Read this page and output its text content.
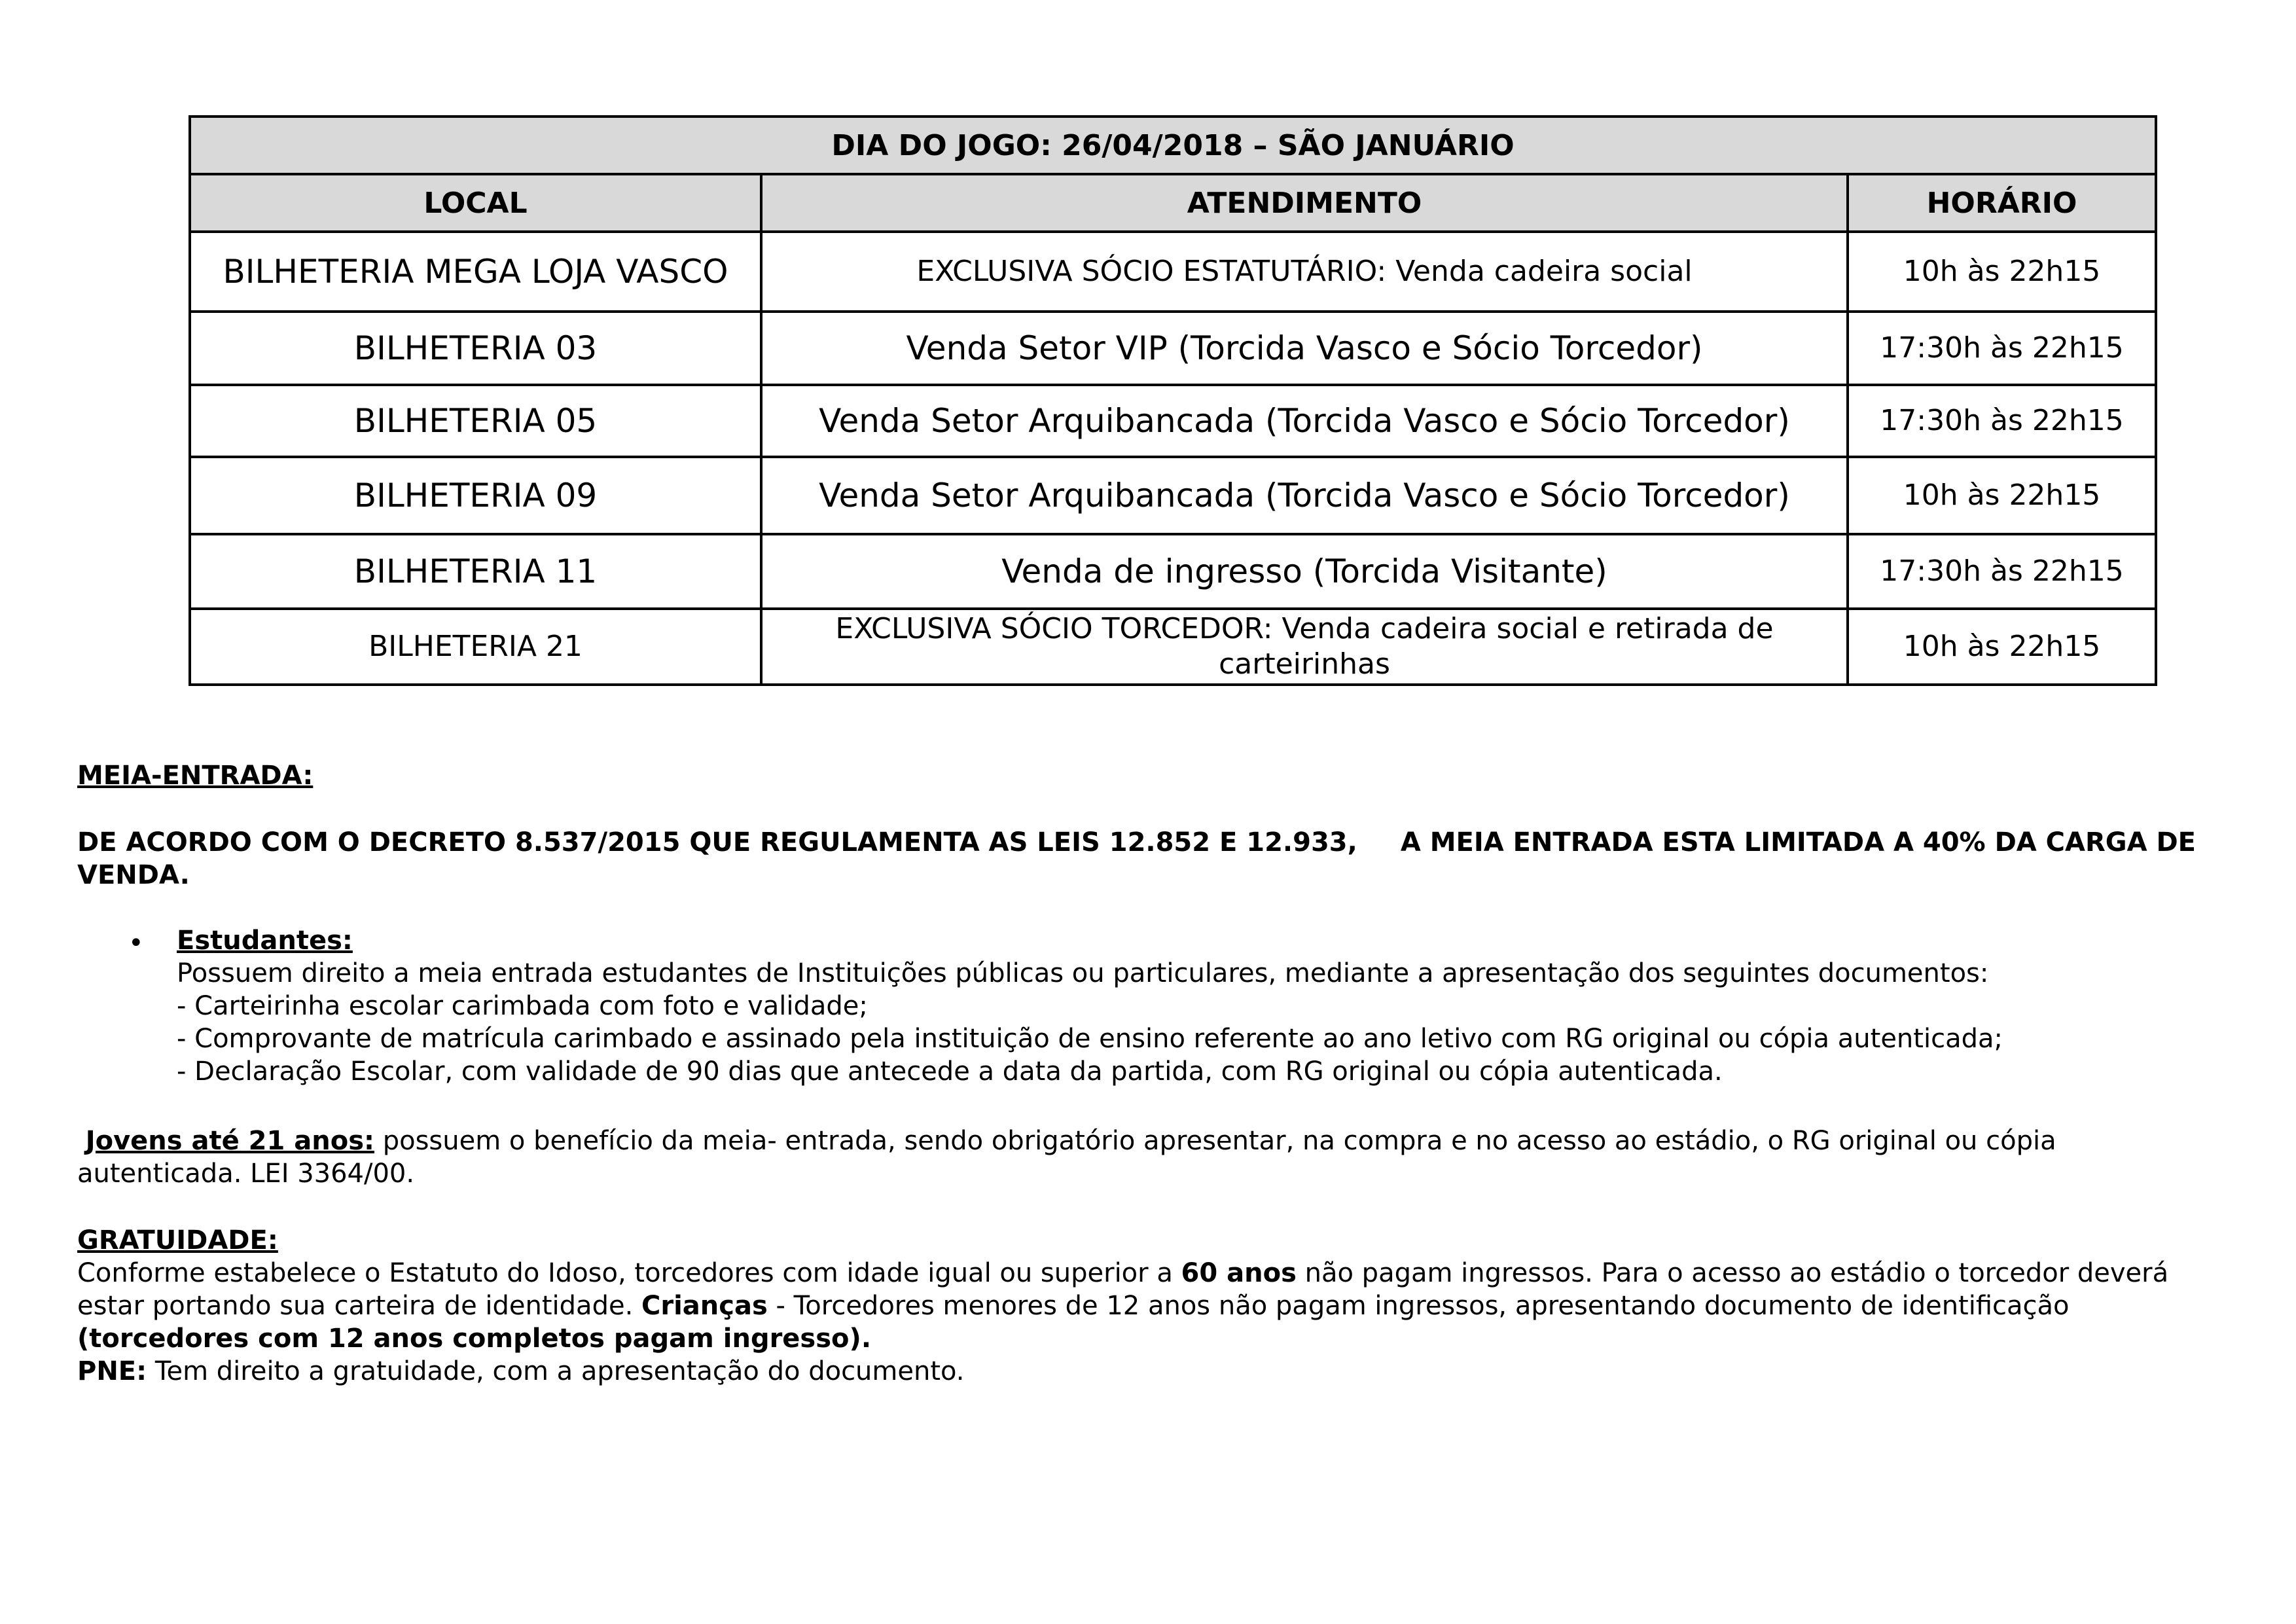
DIA DO JOGO: 26/04/2018 – SÃO JANUÁRIO		
LOCAL	ATENDIMENTO	HORÁRIO
BILHETERIA MEGA LOJA VASCO	EXCLUSIVA SÓCIO ESTATUTÁRIO: Venda cadeira social	10h às 22h15
BILHETERIA 03	Venda Setor VIP (Torcida Vasco e Sócio Torcedor)	17:30h às 22h15
BILHETERIA 05	Venda Setor Arquibancada (Torcida Vasco e Sócio Torcedor)	17:30h às 22h15
BILHETERIA 09	Venda Setor Arquibancada (Torcida Vasco e Sócio Torcedor)	10h às 22h15
BILHETERIA 11	Venda de ingresso (Torcida Visitante)	17:30h às 22h15
BILHETERIA 21	EXCLUSIVA SÓCIO TORCEDOR: Venda cadeira social e retirada de carteirinhas	10h às 22h15
MEIA-ENTRADA:
DE ACORDO COM O DECRETO 8.537/2015 QUE REGULAMENTA AS LEIS 12.852 E 12.933, A MEIA ENTRADA ESTA LIMITADA A 40% DA CARGA DE VENDA.
• Estudantes:
Possuem direito a meia entrada estudantes de Instituições públicas ou particulares, mediante a apresentação dos seguintes documentos:
- Carteirinha escolar carimbada com foto e validade;
- Comprovante de matrícula carimbado e assinado pela instituição de ensino referente ao ano letivo com RG original ou cópia autenticada;
- Declaração Escolar, com validade de 90 dias que antecede a data da partida, com RG original ou cópia autenticada.
Jovens até 21 anos: possuem o benefício da meia- entrada, sendo obrigatório apresentar, na compra e no acesso ao estádio, o RG original ou cópia autenticada. LEI 3364/00.
GRATUIDADE:
Conforme estabelece o Estatuto do Idoso, torcedores com idade igual ou superior a 60 anos não pagam ingressos. Para o acesso ao estádio o torcedor deverá estar portando sua carteira de identidade. Crianças - Torcedores menores de 12 anos não pagam ingressos, apresentando documento de identificação (torcedores com 12 anos completos pagam ingresso).
PNE: Tem direito a gratuidade, com a apresentação do documento.
